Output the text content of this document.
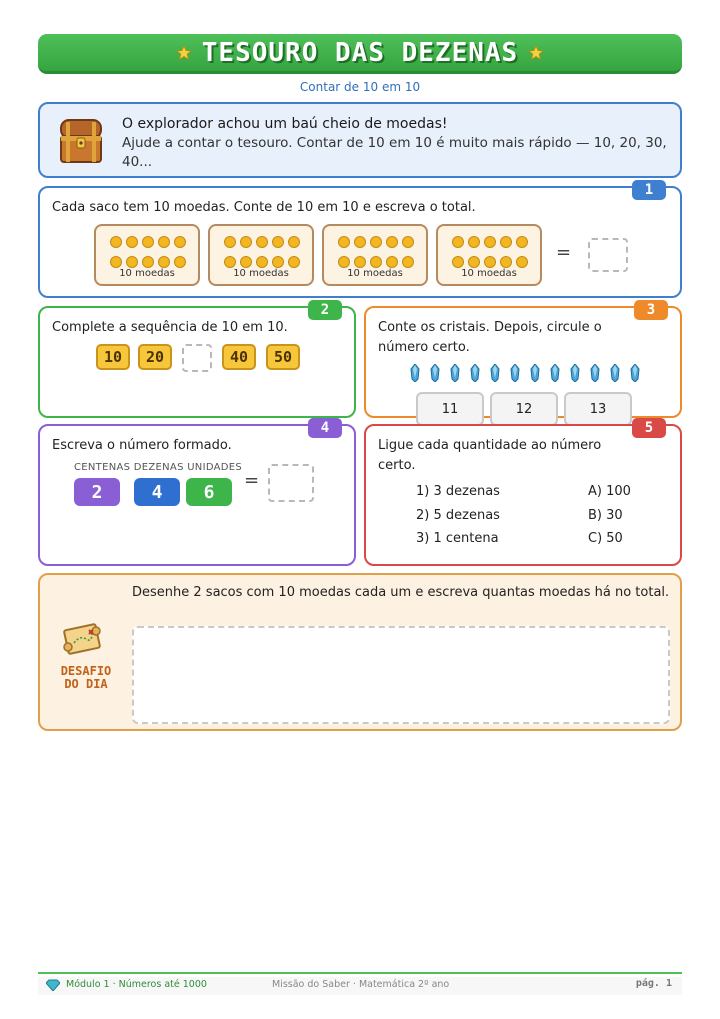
TESOURO DAS DEZENAS
Contar de 10 em 10
O explorador achou um baú cheio de moedas!
Ajude a contar o tesouro. Contar de 10 em 10 é muito mais rápido — 10, 20, 30, 40...
1
Cada saco tem 10 moedas. Conte de 10 em 10 e escreva o total.
10 moedas	10 moedas	10 moedas	10 moedas
=
2
Complete a sequência de 10 em 10.
10	20	40	50
3
Conte os cristais. Depois, circule o número certo.
11	12	13
4
Escreva o número formado.
CENTENAS DEZENAS UNIDADES
2	4	6
=
5
Ligue cada quantidade ao número certo.
1) 3 dezenas
2) 5 dezenas
3) 1 centena
A) 100
B) 30
C) 50
DESAFIO
DO DIA
Desenhe 2 sacos com 10 moedas cada um e escreva quantas moedas há no total.
Módulo 1 · Números até 1000	Missão do Saber · Matemática 2º ano	pág. 1
